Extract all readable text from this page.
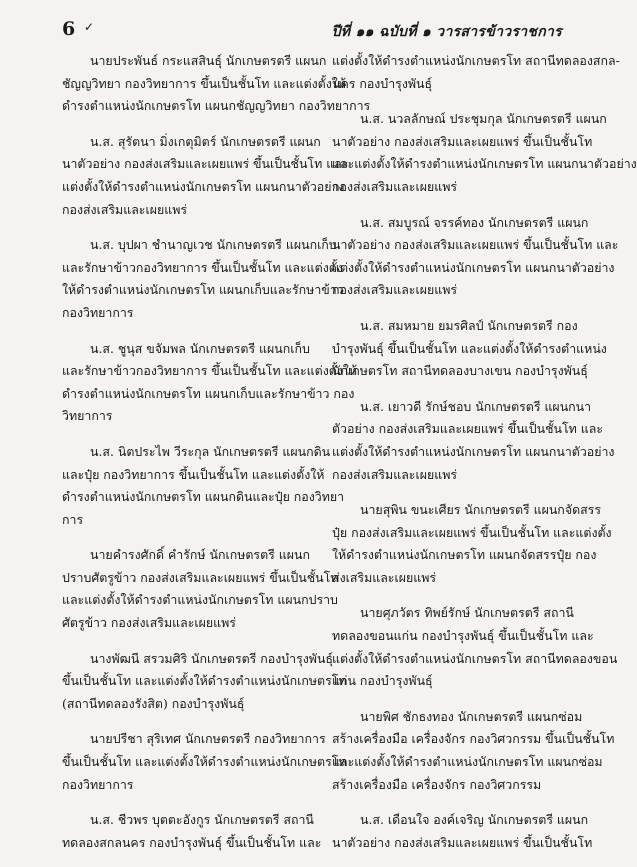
6 ✓	ปีที่ ๑๑ ฉบับที่ ๑ วารสารข้าวราชการ

นายประพันธ์ กระแสสินธุ์ นักเกษตรตรี แผนก
ชัญญวิทยา กองวิทยาการ ขึ้นเป็นชั้นโท และแต่งตั้งให้
ดำรงตำแหน่งนักเกษตรโท แผนกชัญญวิทยา กองวิทยาการ

น.ส. สุรัตนา มิ่งเกตุมิตร์ นักเกษตรตรี แผนก
นาตัวอย่าง กองส่งเสริมและเผยแพร่ ขึ้นเป็นชั้นโท และ
แต่งตั้งให้ดำรงตำแหน่งนักเกษตรโท แผนกนาตัวอย่าง
กองส่งเสริมและเผยแพร่

น.ส. บุปผา ชำนาญเวช นักเกษตรตรี แผนกเก็บ
และรักษาข้าวกองวิทยาการ ขึ้นเป็นชั้นโท และแต่งตั้ง
ให้ดำรงตำแหน่งนักเกษตรโท แผนกเก็บและรักษาข้าว
กองวิทยาการ

น.ส. ชูนุส ขจัมพล นักเกษตรตรี แผนกเก็บ
และรักษาข้าวกองวิทยาการ ขึ้นเป็นชั้นโท และแต่งตั้งให้
ดำรงตำแหน่งนักเกษตรโท แผนกเก็บและรักษาข้าว กอง
วิทยาการ

น.ส. นิตประไพ วีระกุล นักเกษตรตรี แผนกดิน
และปุ๋ย กองวิทยาการ ขึ้นเป็นชั้นโท และแต่งตั้งให้
ดำรงตำแหน่งนักเกษตรโท แผนกดินและปุ๋ย กองวิทยา
การ

นายคำรงศักดิ์ คำรักษ์ นักเกษตรตรี แผนก
ปราบศัตรูข้าว กองส่งเสริมและเผยแพร่ ขึ้นเป็นชั้นโท
และแต่งตั้งให้ดำรงตำแหน่งนักเกษตรโท แผนกปราบ
ศัตรูข้าว กองส่งเสริมและเผยแพร่

นางพัฒนี สรวมศิริ นักเกษตรตรี กองบำรุงพันธุ์
ขึ้นเป็นชั้นโท และแต่งตั้งให้ดำรงตำแหน่งนักเกษตรโท
(สถานีทดลองรังสิต) กองบำรุงพันธุ์

นายปรีชา สุริเทศ นักเกษตรตรี กองวิทยาการ
ขึ้นเป็นชั้นโท และแต่งตั้งให้ดำรงตำแหน่งนักเกษตรโท
กองวิทยาการ

น.ส. ชีวพร บุตตะอังกูร นักเกษตรตรี สถานี
ทดลองสกลนคร กองบำรุงพันธุ์ ขึ้นเป็นชั้นโท และ

แต่งตั้งให้ดำรงตำแหน่งนักเกษตรโท สถานีทดลองสกล-
นคร กองบำรุงพันธุ์

น.ส. นวลลักษณ์ ประชุมกุล นักเกษตรตรี แผนก
นาตัวอย่าง กองส่งเสริมและเผยแพร่ ขึ้นเป็นชั้นโท
และแต่งตั้งให้ดำรงตำแหน่งนักเกษตรโท แผนกนาตัวอย่าง
กองส่งเสริมและเผยแพร่

น.ส. สมบูรณ์ จรรค์ทอง นักเกษตรตรี แผนก
นาตัวอย่าง กองส่งเสริมและเผยแพร่ ขึ้นเป็นชั้นโท และ
แต่งตั้งให้ดำรงตำแหน่งนักเกษตรโท แผนกนาตัวอย่าง
กองส่งเสริมและเผยแพร่

น.ส. สมหมาย ยมรศิลป์ นักเกษตรตรี กอง
บำรุงพันธุ์ ขึ้นเป็นชั้นโท และแต่งตั้งให้ดำรงตำแหน่ง
นักเกษตรโท สถานีทดลองบางเขน กองบำรุงพันธุ์

น.ส. เยาวดี รักษ์ชอบ นักเกษตรตรี แผนกนา
ตัวอย่าง กองส่งเสริมและเผยแพร่ ขึ้นเป็นชั้นโท และ
แต่งตั้งให้ดำรงตำแหน่งนักเกษตรโท แผนกนาตัวอย่าง
กองส่งเสริมและเผยแพร่

นายสุพิน ขนะเศียร นักเกษตรตรี แผนกจัดสรร
ปุ๋ย กองส่งเสริมและเผยแพร่ ขึ้นเป็นชั้นโท และแต่งตั้ง
ให้ดำรงตำแหน่งนักเกษตรโท แผนกจัดสรรปุ๋ย กอง
ส่งเสริมและเผยแพร่

นายศุภวัตร ทิพย์รักษ์ นักเกษตรตรี สถานี
ทดลองขอนแก่น กองบำรุงพันธุ์ ขึ้นเป็นชั้นโท และ
แต่งตั้งให้ดำรงตำแหน่งนักเกษตรโท สถานีทดลองขอน
แก่น กองบำรุงพันธุ์

นายพิศ ชักธงทอง นักเกษตรตรี แผนกซ่อม
สร้างเครื่องมือ เครื่องจักร กองวิศวกรรม ขึ้นเป็นชั้นโท
และแต่งตั้งให้ดำรงตำแหน่งนักเกษตรโท แผนกซ่อม
สร้างเครื่องมือ เครื่องจักร กองวิศวกรรม

น.ส. เดือนใจ องค์เจริญ นักเกษตรตรี แผนก
นาตัวอย่าง กองส่งเสริมและเผยแพร่ ขึ้นเป็นชั้นโท
